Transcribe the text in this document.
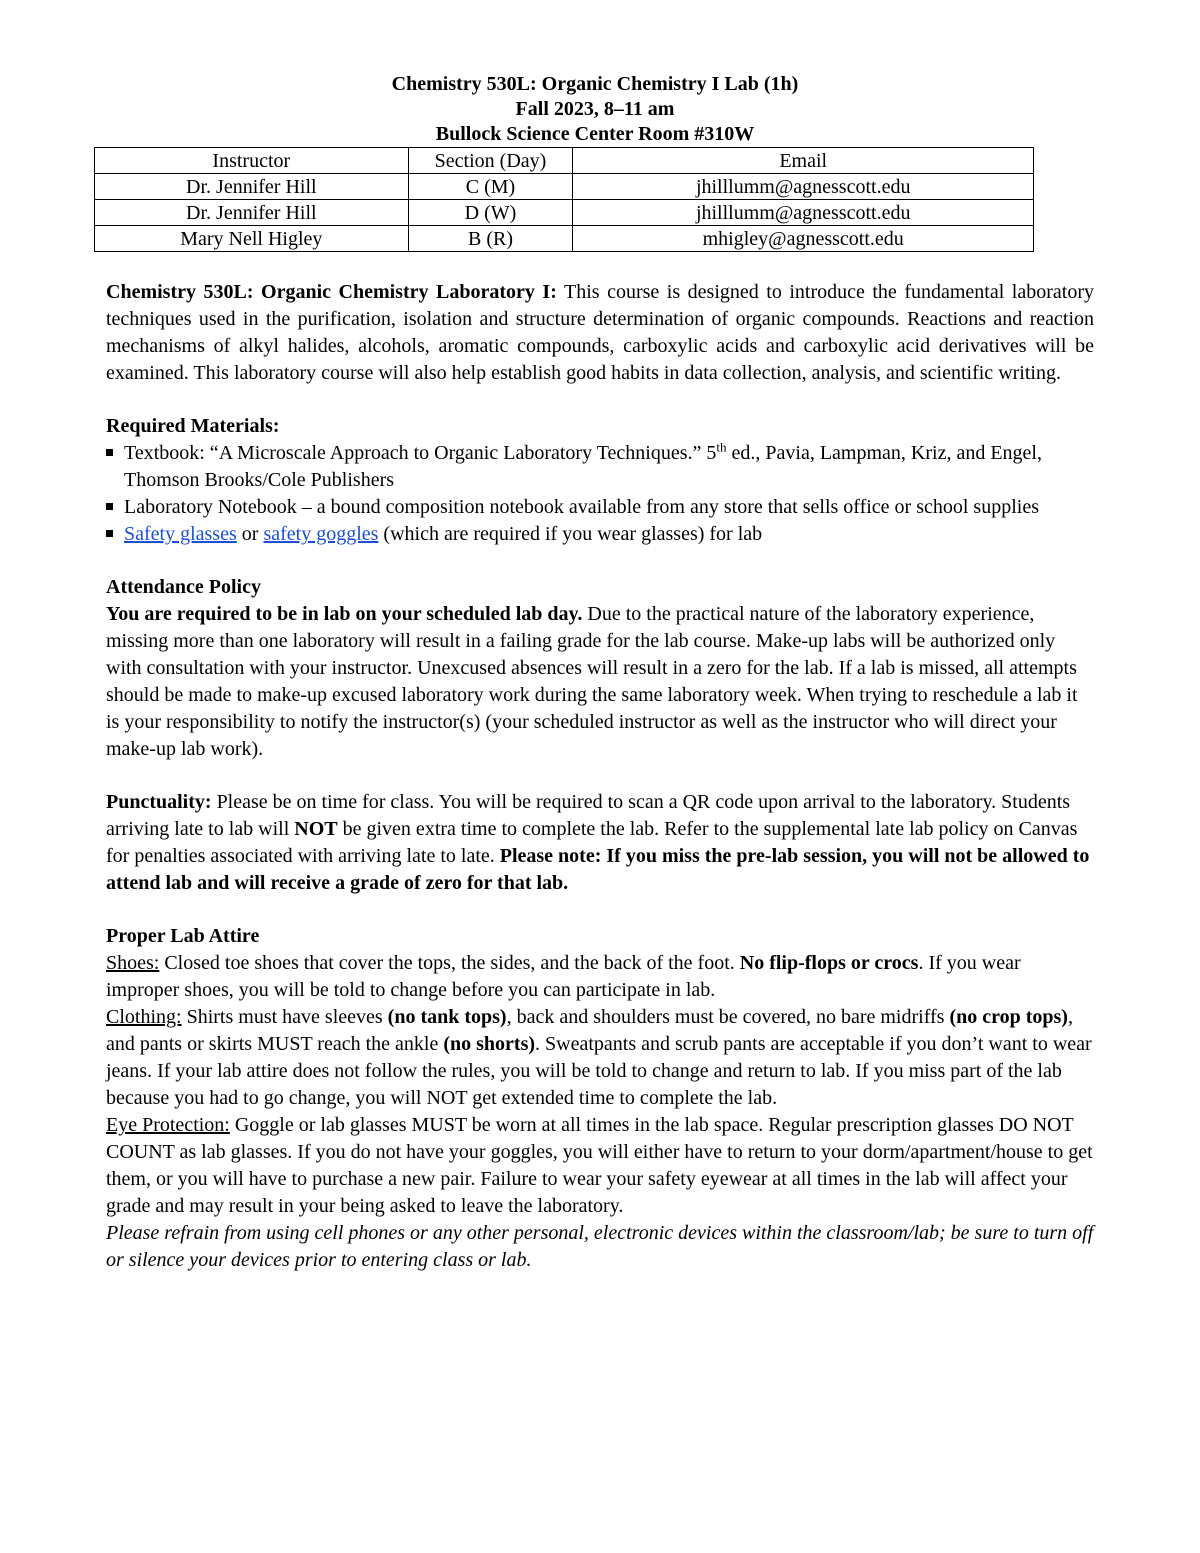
Chemistry 530L: Organic Chemistry I Lab (1h)
Fall 2023, 8–11 am
Bullock Science Center Room #310W
Instructor	Section (Day)	Email
Dr. Jennifer Hill	C (M)	jhilllumm@agnesscott.edu
Dr. Jennifer Hill	D (W)	jhilllumm@agnesscott.edu
Mary Nell Higley	B (R)	mhigley@agnesscott.edu

Chemistry 530L: Organic Chemistry Laboratory I: This course is designed to introduce the fundamental laboratory techniques used in the purification, isolation and structure determination of organic compounds. Reactions and reaction mechanisms of alkyl halides, alcohols, aromatic compounds, carboxylic acids and carboxylic acid derivatives will be examined. This laboratory course will also help establish good habits in data collection, analysis, and scientific writing.

Required Materials:

Textbook: “A Microscale Approach to Organic Laboratory Techniques.” 5th ed., Pavia, Lampman, Kriz, and Engel, Thomson Brooks/Cole Publishers
Laboratory Notebook – a bound composition notebook available from any store that sells office or school supplies
Safety glasses or safety goggles (which are required if you wear glasses) for lab

Attendance Policy

You are required to be in lab on your scheduled lab day. Due to the practical nature of the laboratory experience, missing more than one laboratory will result in a failing grade for the lab course. Make-up labs will be authorized only with consultation with your instructor. Unexcused absences will result in a zero for the lab. If a lab is missed, all attempts should be made to make-up excused laboratory work during the same laboratory week. When trying to reschedule a lab it is your responsibility to notify the instructor(s) (your scheduled instructor as well as the instructor who will direct your make-up lab work).

Punctuality: Please be on time for class. You will be required to scan a QR code upon arrival to the laboratory. Students arriving late to lab will NOT be given extra time to complete the lab. Refer to the supplemental late lab policy on Canvas for penalties associated with arriving late to late. Please note: If you miss the pre-lab session, you will not be allowed to attend lab and will receive a grade of zero for that lab.

Proper Lab Attire

Shoes: Closed toe shoes that cover the tops, the sides, and the back of the foot. No flip-flops or crocs. If you wear improper shoes, you will be told to change before you can participate in lab.

Clothing: Shirts must have sleeves (no tank tops), back and shoulders must be covered, no bare midriffs (no crop tops), and pants or skirts MUST reach the ankle (no shorts). Sweatpants and scrub pants are acceptable if you don’t want to wear jeans. If your lab attire does not follow the rules, you will be told to change and return to lab. If you miss part of the lab because you had to go change, you will NOT get extended time to complete the lab.

Eye Protection: Goggle or lab glasses MUST be worn at all times in the lab space. Regular prescription glasses DO NOT COUNT as lab glasses. If you do not have your goggles, you will either have to return to your dorm/apartment/house to get them, or you will have to purchase a new pair. Failure to wear your safety eyewear at all times in the lab will affect your grade and may result in your being asked to leave the laboratory.

Please refrain from using cell phones or any other personal, electronic devices within the classroom/lab; be sure to turn off or silence your devices prior to entering class or lab.
